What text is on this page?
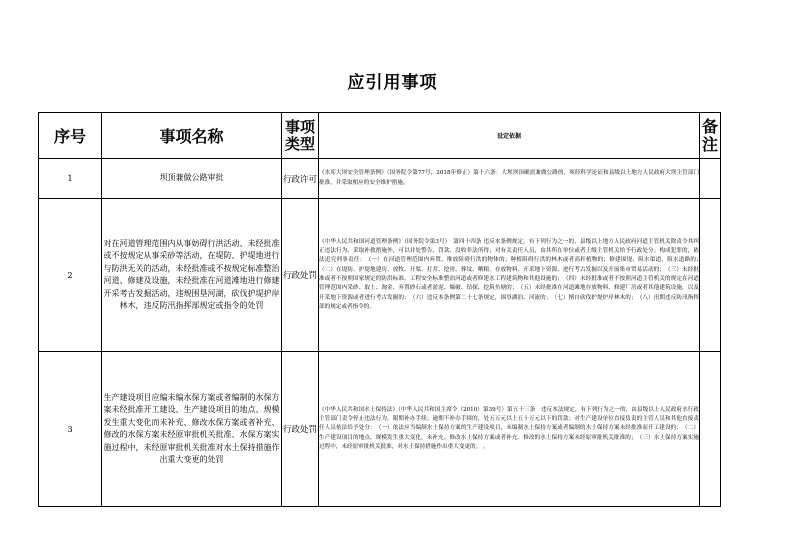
应引用事项
序号	事项名称	事项类型	设定依据	备注
1	坝顶兼做公路审批	行政许可	《水库大坝安全管理条例》（国务院令第77号，2018年修正）第十六条：大坝坝顶确需兼做公路的，须经科学论证和县级以上地方人民政府大坝主管部门批准，并采取相应的安全维护措施。	
2	对在河道管理范围内从事妨碍行洪活动、未经批准或不按规定从事采砂等活动，在堤防、护堤地进行与防洪无关的活动，未经批准或不按规定标准整治河道、修建及设施，未经批准在河道滩地进行修建开采考古发掘活动，违规围垦河湖，砍伐护堤护岸林木，违反防汛指挥部规定或指令的处罚	行政处罚	《中华人民共和国河道管理条例》（国务院令第3号）　第四十四条 违反本条例规定，有下列行为之一的，县级以上地方人民政府河道主管机关除责令其纠正违法行为、采取补救措施外，可以并处警告、罚款、没收非法所得；对有关责任人员，由其所在单位或者上级主管机关给予行政处分；构成犯罪的，依法追究刑事责任：　（一）在河道管理范围内弃置、堆放阻碍行洪的物体的；种植阻碍行洪的林木或者高秆植物的；修建围堤、阻水渠道、阻水道路的；　（二）在堤防、护堤地建房、放牧、开渠、打井、挖窖、葬坟、晒粮、存放物料、开采地下资源、进行考古发掘以及开展集市贸易活动的；　（三）未经批准或者不按照国家规定的防洪标准、工程安全标准整治河道或者修建水工程建筑物和其他设施的；　（四）未经批准或者不按照河道主管机关的规定在河道管理范围内采砂、取土、淘金、弃置砂石或者淤泥、爆破、钻探、挖筑鱼塘的；　（五）未经批准在河道滩地存放物料、修建厂房或者其他建筑设施，以及开采地下资源或者进行考古发掘的；　（六）违反本条例第二十七条规定，围垦湖泊、河流的；　（七）擅自砍伐护堤护岸林木的；　（八）汛期违反防汛指挥部的规定或者指令的。	
3	生产建设项目应编未编水保方案或者编制的水保方案未经批准开工建设、生产建设项目的地点、规模发生重大变化而未补充、修改水保方案或者补充、修改的水保方案未经原审批机关批准、水保方案实施过程中，未经原审批机关批准对水土保持措施作出重大变更的处罚	行政处罚	《中华人民共和国水土保持法》（中华人民共和国主席令（2010）第39号）第五十三条　违反本法规定，有下列行为之一的，由县级以上人民政府水行政主管部门责令停止违法行为，限期补办手续；逾期不补办手续的，处五万元以上五十万元以下的罚款；对生产建设单位直接负责的主管人员和其他直接责任人员依法给予处分：　（一）依法应当编制水土保持方案的生产建设项目，未编制水土保持方案或者编制的水土保持方案未经批准而开工建设的；　（二）生产建设项目的地点、规模发生重大变化，未补充、修改水土保持方案或者补充、修改的水土保持方案未经原审批机关批准的；　（三）水土保持方案实施过程中，未经原审批机关批准，对水土保持措施作出重大变更的。 。	
